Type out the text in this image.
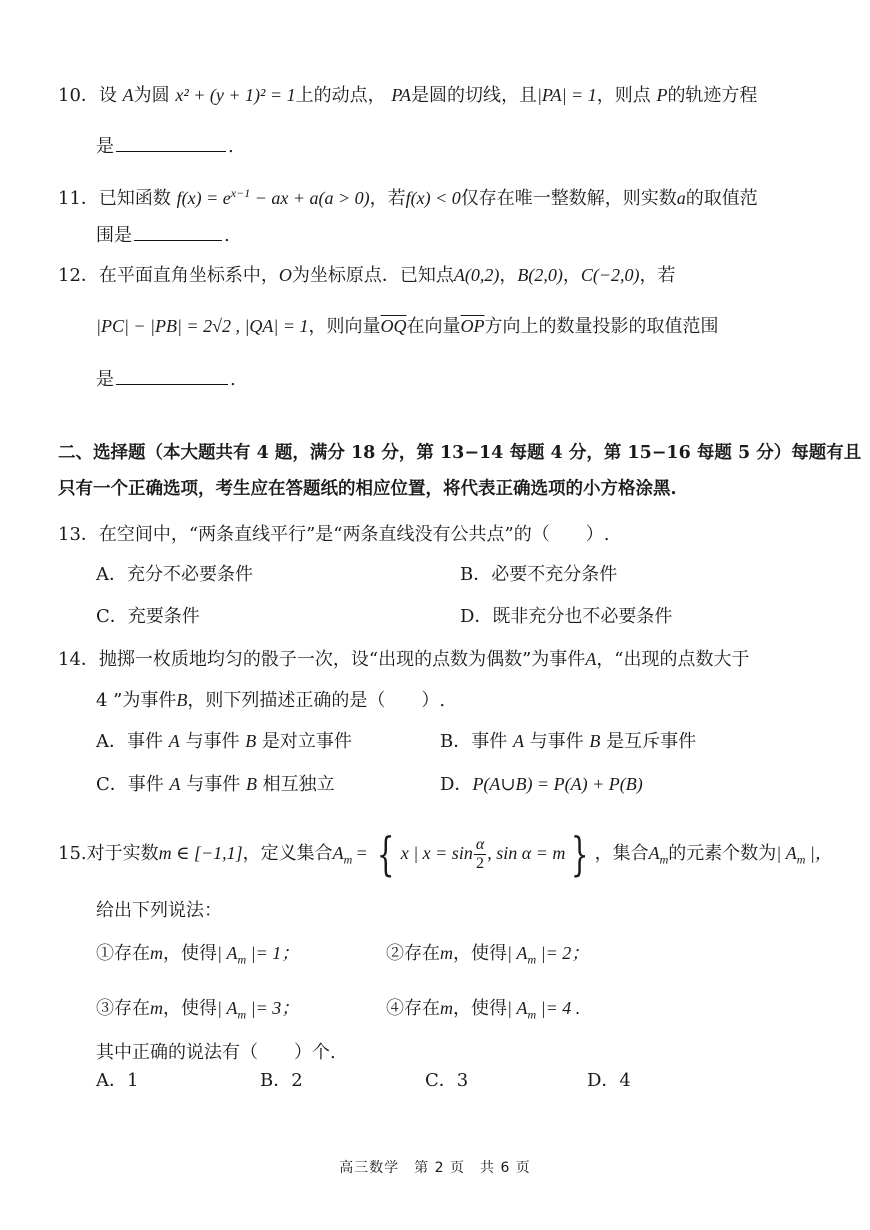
10．设 A为圆 x² + (y + 1)² = 1上的动点， PA是圆的切线，且|PA| = 1，则点 P的轨迹方程
是	.
11．已知函数 $f(x) = e^{x-1}$ − ax + a(a > 0)，若f(x) < 0仅存在唯一整数解，则实数a的取值范
围是	.
12．在平面直角坐标系中，O为坐标原点．已知点A(0,2)，B(2,0)，C(−2,0)，若
|PC| − |PB| = 2√2 , |QA| = 1，则向量$\overline{OQ}$在向量$\overline{OP}$方向上的数量投影的取值范围
是	.
二、选择题（本大题共有 4 题，满分 18 分，第 13−14 每题 4 分，第 15−16 每题 5 分）每题有且
只有一个正确选项，考生应在答题纸的相应位置，将代表正确选项的小方格涂黑.
13．在空间中，“两条直线平行”是“两条直线没有公共点”的（　　）.
A．充分不必要条件	B．必要不充分条件
C．充要条件	D．既非充分也不必要条件
14．抛掷一枚质地均匀的骰子一次，设“出现的点数为偶数”为事件A，“出现的点数大于
4 ”为事件B，则下列描述正确的是（　　）.
A．事件 A 与事件 B 是对立事件	B．事件 A 与事件 B 是互斥事件
C．事件 A 与事件 B 相互独立	D．P(A∪B) = P(A) + P(B)
15.对于实数m ∈ [−1,1]，定义集合$A_m$ = { x | $x = \sin \frac{\alpha}{2}$ , sin α = m } ，集合$A_m$的元素个数为| $A_m$ |，
给出下列说法：
①存在m，使得| $A_m$ |= 1；	②存在m，使得| $A_m$ |= 2；
③存在m，使得| $A_m$ |= 3；	④存在m，使得| $A_m$ |= 4 .
其中正确的说法有（　　）个.
A．1	B．2	C．3	D．4
高三数学　第 2 页　共 6 页
